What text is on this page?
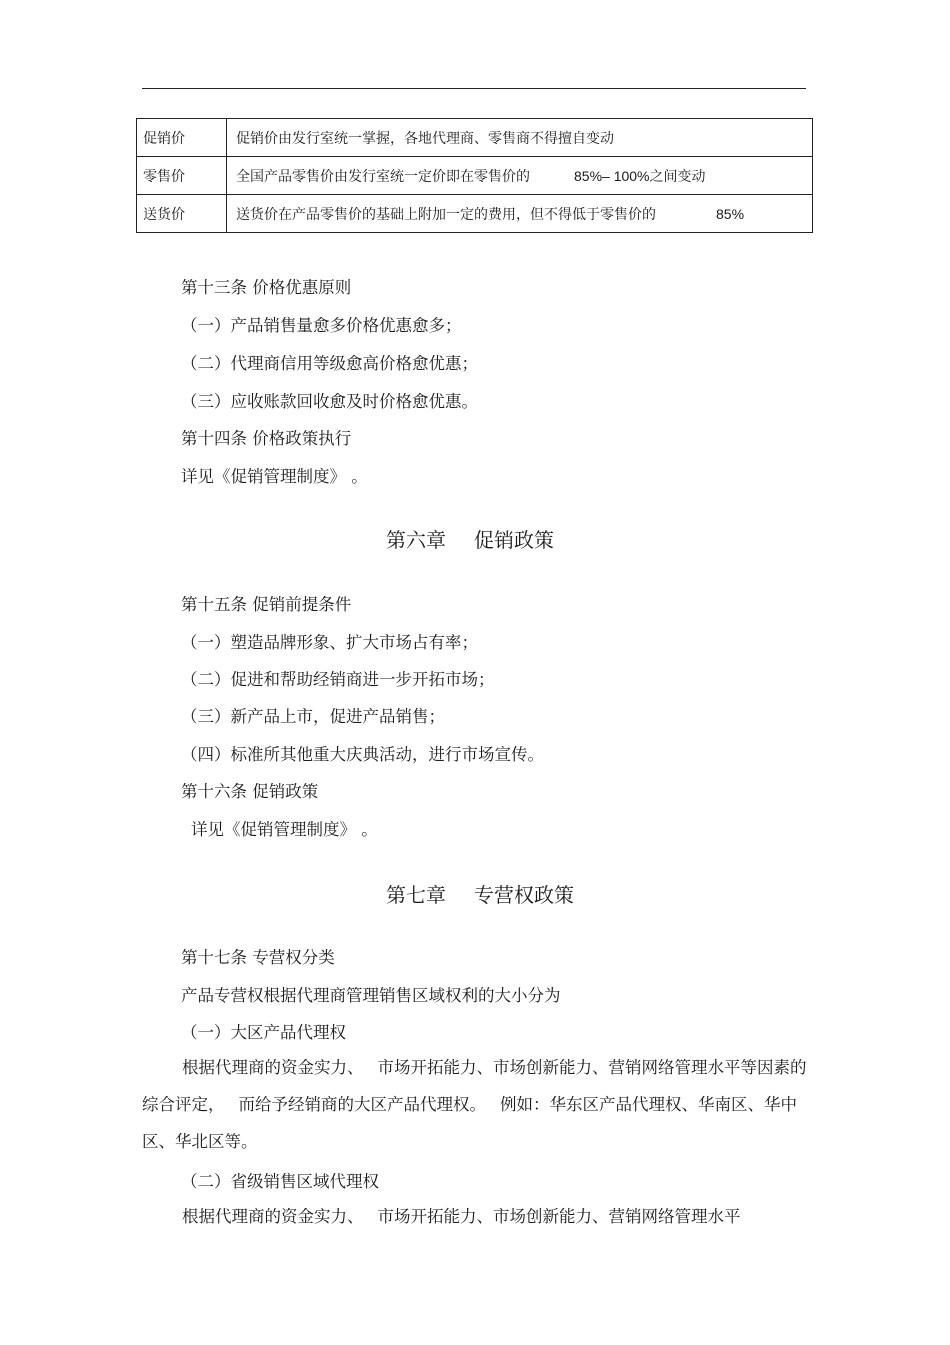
促销价	促销价由发行室统一掌握，各地代理商、零售商不得擅自变动
零售价	全国产品零售价由发行室统一定价即在零售价的 85%– 100%之间变动
送货价	送货价在产品零售价的基础上附加一定的费用，但不得低于零售价的 85%
第十三条 价格优惠原则
（一）产品销售量愈多价格优惠愈多；
（二）代理商信用等级愈高价格愈优惠；
（三）应收账款回收愈及时价格愈优惠。
第十四条 价格政策执行
详见《促销管理制度》 。
第六章 促销政策
第十五条 促销前提条件
（一）塑造品牌形象、扩大市场占有率；
（二）促进和帮助经销商进一步开拓市场；
（三）新产品上市，促进产品销售；
（四）标准所其他重大庆典活动，进行市场宣传。
第十六条 促销政策
详见《促销管理制度》 。
第七章 专营权政策
第十七条 专营权分类
产品专营权根据代理商管理销售区域权利的大小分为
（一）大区产品代理权
根据代理商的资金实力、 市场开拓能力、市场创新能力、营销网络管理水平等因素的综合评定， 而给予经销商的大区产品代理权。 例如：华东区产品代理权、华南区、华中区、华北区等。
（二）省级销售区域代理权
根据代理商的资金实力、 市场开拓能力、市场创新能力、营销网络管理水平
